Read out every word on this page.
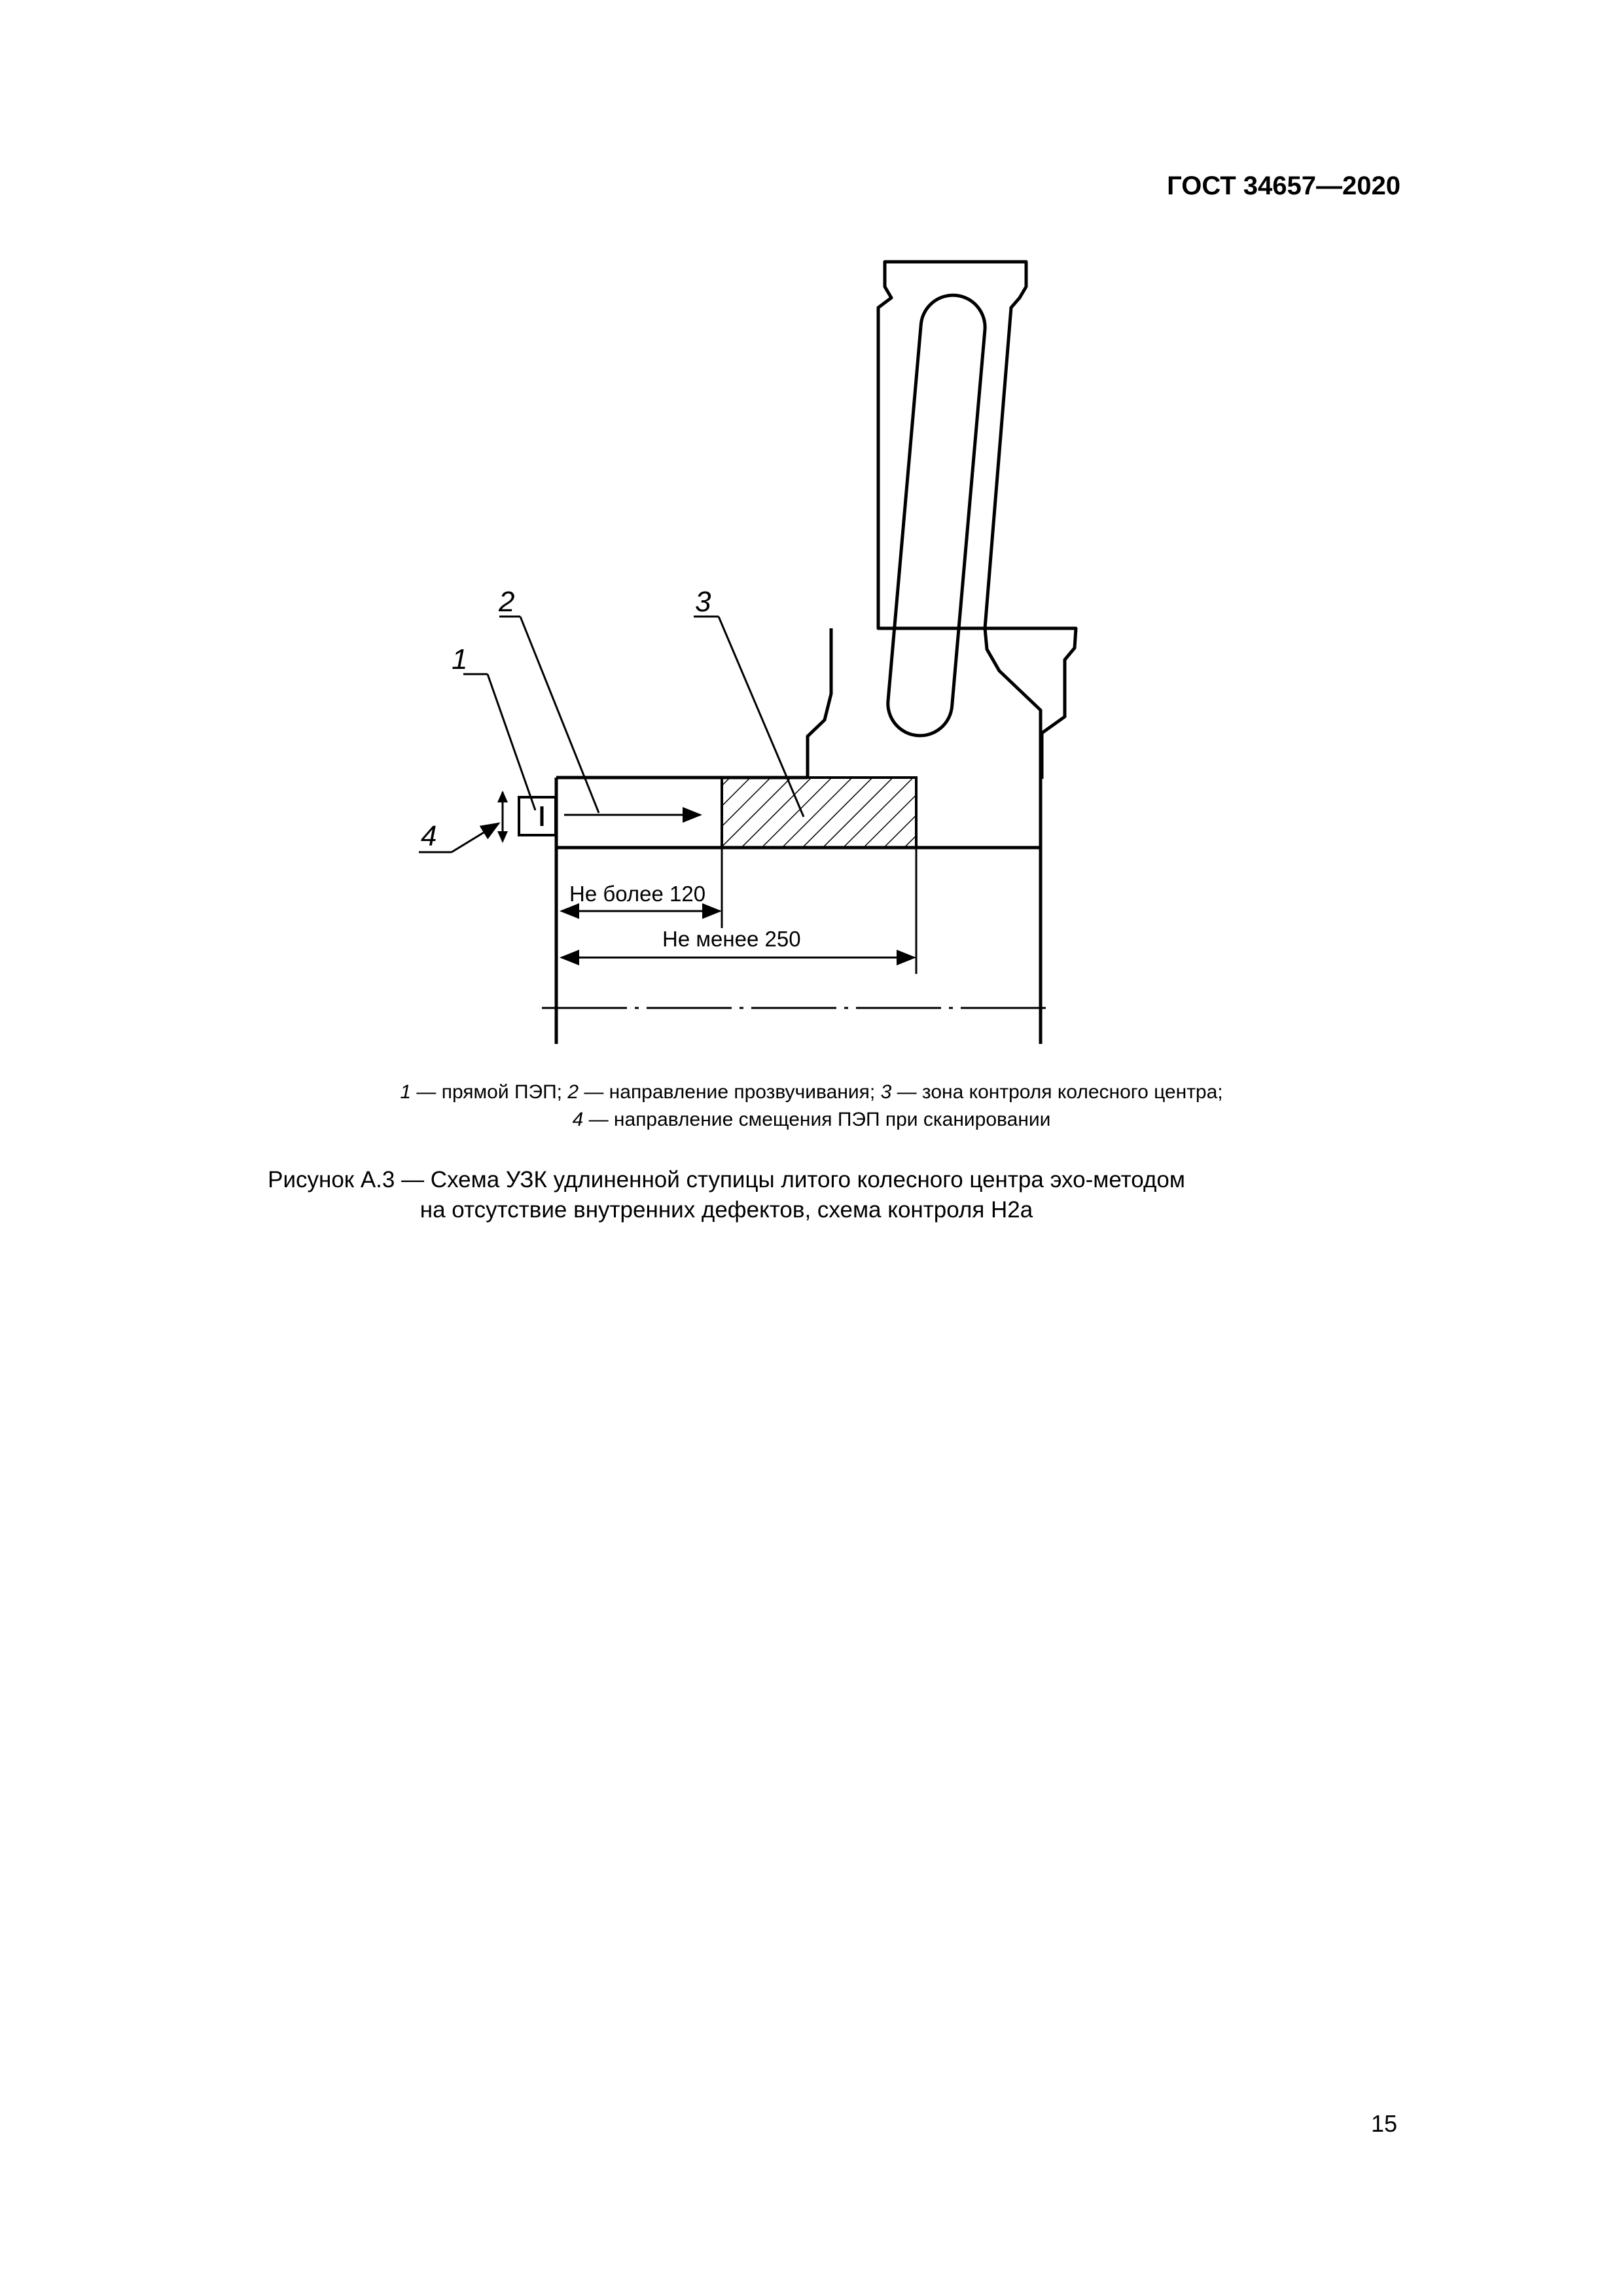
ГОСТ 34657—2020
Не более 120
Не менее 250
1
2	3
4
1 — прямой ПЭП; 2 — направление прозвучивания; 3 — зона контроля колесного центра;
4 — направление смещения ПЭП при сканировании
Рисунок А.3 — Схема УЗК удлиненной ступицы литого колесного центра эхо-методом
на отсутствие внутренних дефектов, схема контроля Н2а
15
